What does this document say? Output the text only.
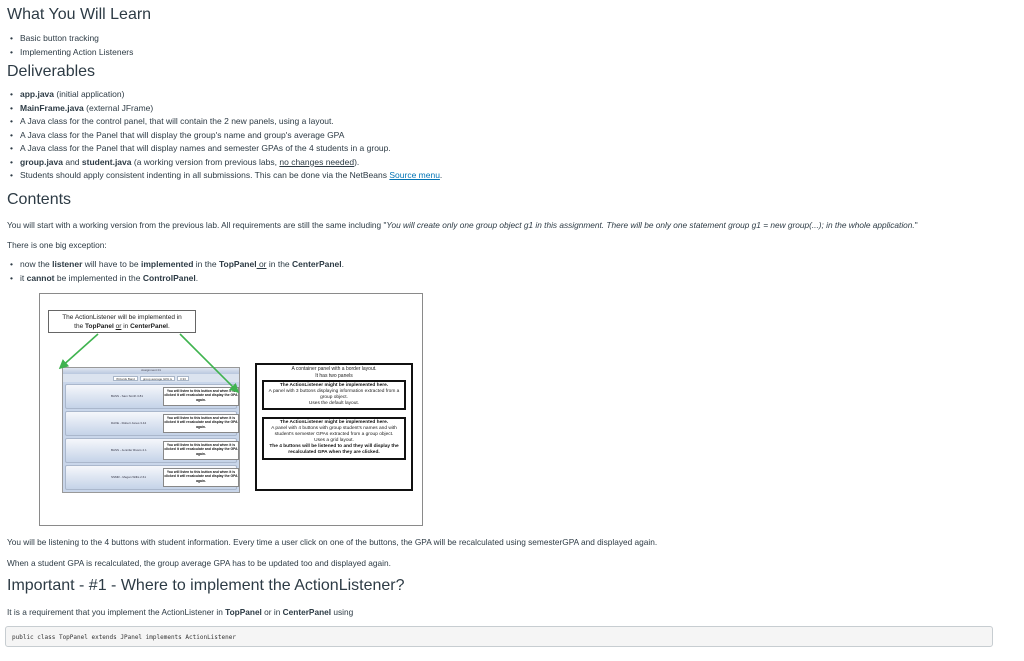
What You Will Learn
• Basic button tracking
• Implementing Action Listeners
Deliverables
• app.java (initial application)
• MainFrame.java (external JFrame)
• A Java class for the control panel, that will contain the 2 new panels, using a layout.
• A Java class for the Panel that will display the group's name and group's average GPA
• A Java class for the Panel that will display names and semester GPAs of the 4 students in a group.
• group.java and student.java (a working version from previous labs, no changes needed).
• Students should apply consistent indenting in all submissions. This can be done via the NetBeans Source menu.
Contents
You will start with a working version from the previous lab. All requirements are still the same including "You will create only one group object g1 in this assignment. There will be only one statement group g1 = new group(...); in the whole application."
There is one big exception:
• now the listener will have to be implemented in the TopPanel or in the CenterPanel.
• it cannot be implemented in the ControlPanel.
The ActionListener will be implemented in
the TopPanel or in CenterPanel.
Assignment 01
Wizards Band	group average GPA is	3.33
BASS - Sam Smith 3.81
You will listen to this button and when it is clicked it will recalculate and display the GPA again.
DAVE - Robert Jones 3.44
You will listen to this button and when it is clicked it will recalculate and display the GPA again.
BASS - Jennifer Rivers 2.1
You will listen to this button and when it is clicked it will recalculate and display the GPA again.
SSMR - Megan Willis 2.61
You will listen to this button and when it is clicked it will recalculate and display the GPA again.
A container panel with a border layout.
It has two panels
The ActionListener might be implemented here.
A panel with 3 buttons displaying information extracted from a group object.
Uses the default layout.
The ActionListener might be implemented here.
A panel with 4 buttons with group student's names and with student's semester GPAs extracted from a group object.
Uses a grid layout.
The 4 buttons will be listened to and they will display the recalculated GPA when they are clicked.
You will be listening to the 4 buttons with student information. Every time a user click on one of the buttons, the GPA will be recalculated using semesterGPA and displayed again.
When a student GPA is recalculated, the group average GPA has to be updated too and displayed again.
Important - #1 - Where to implement the ActionListener?
It is a requirement that you implement the ActionListener in TopPanel or in CenterPanel using
public class TopPanel extends JPanel implements ActionListener
